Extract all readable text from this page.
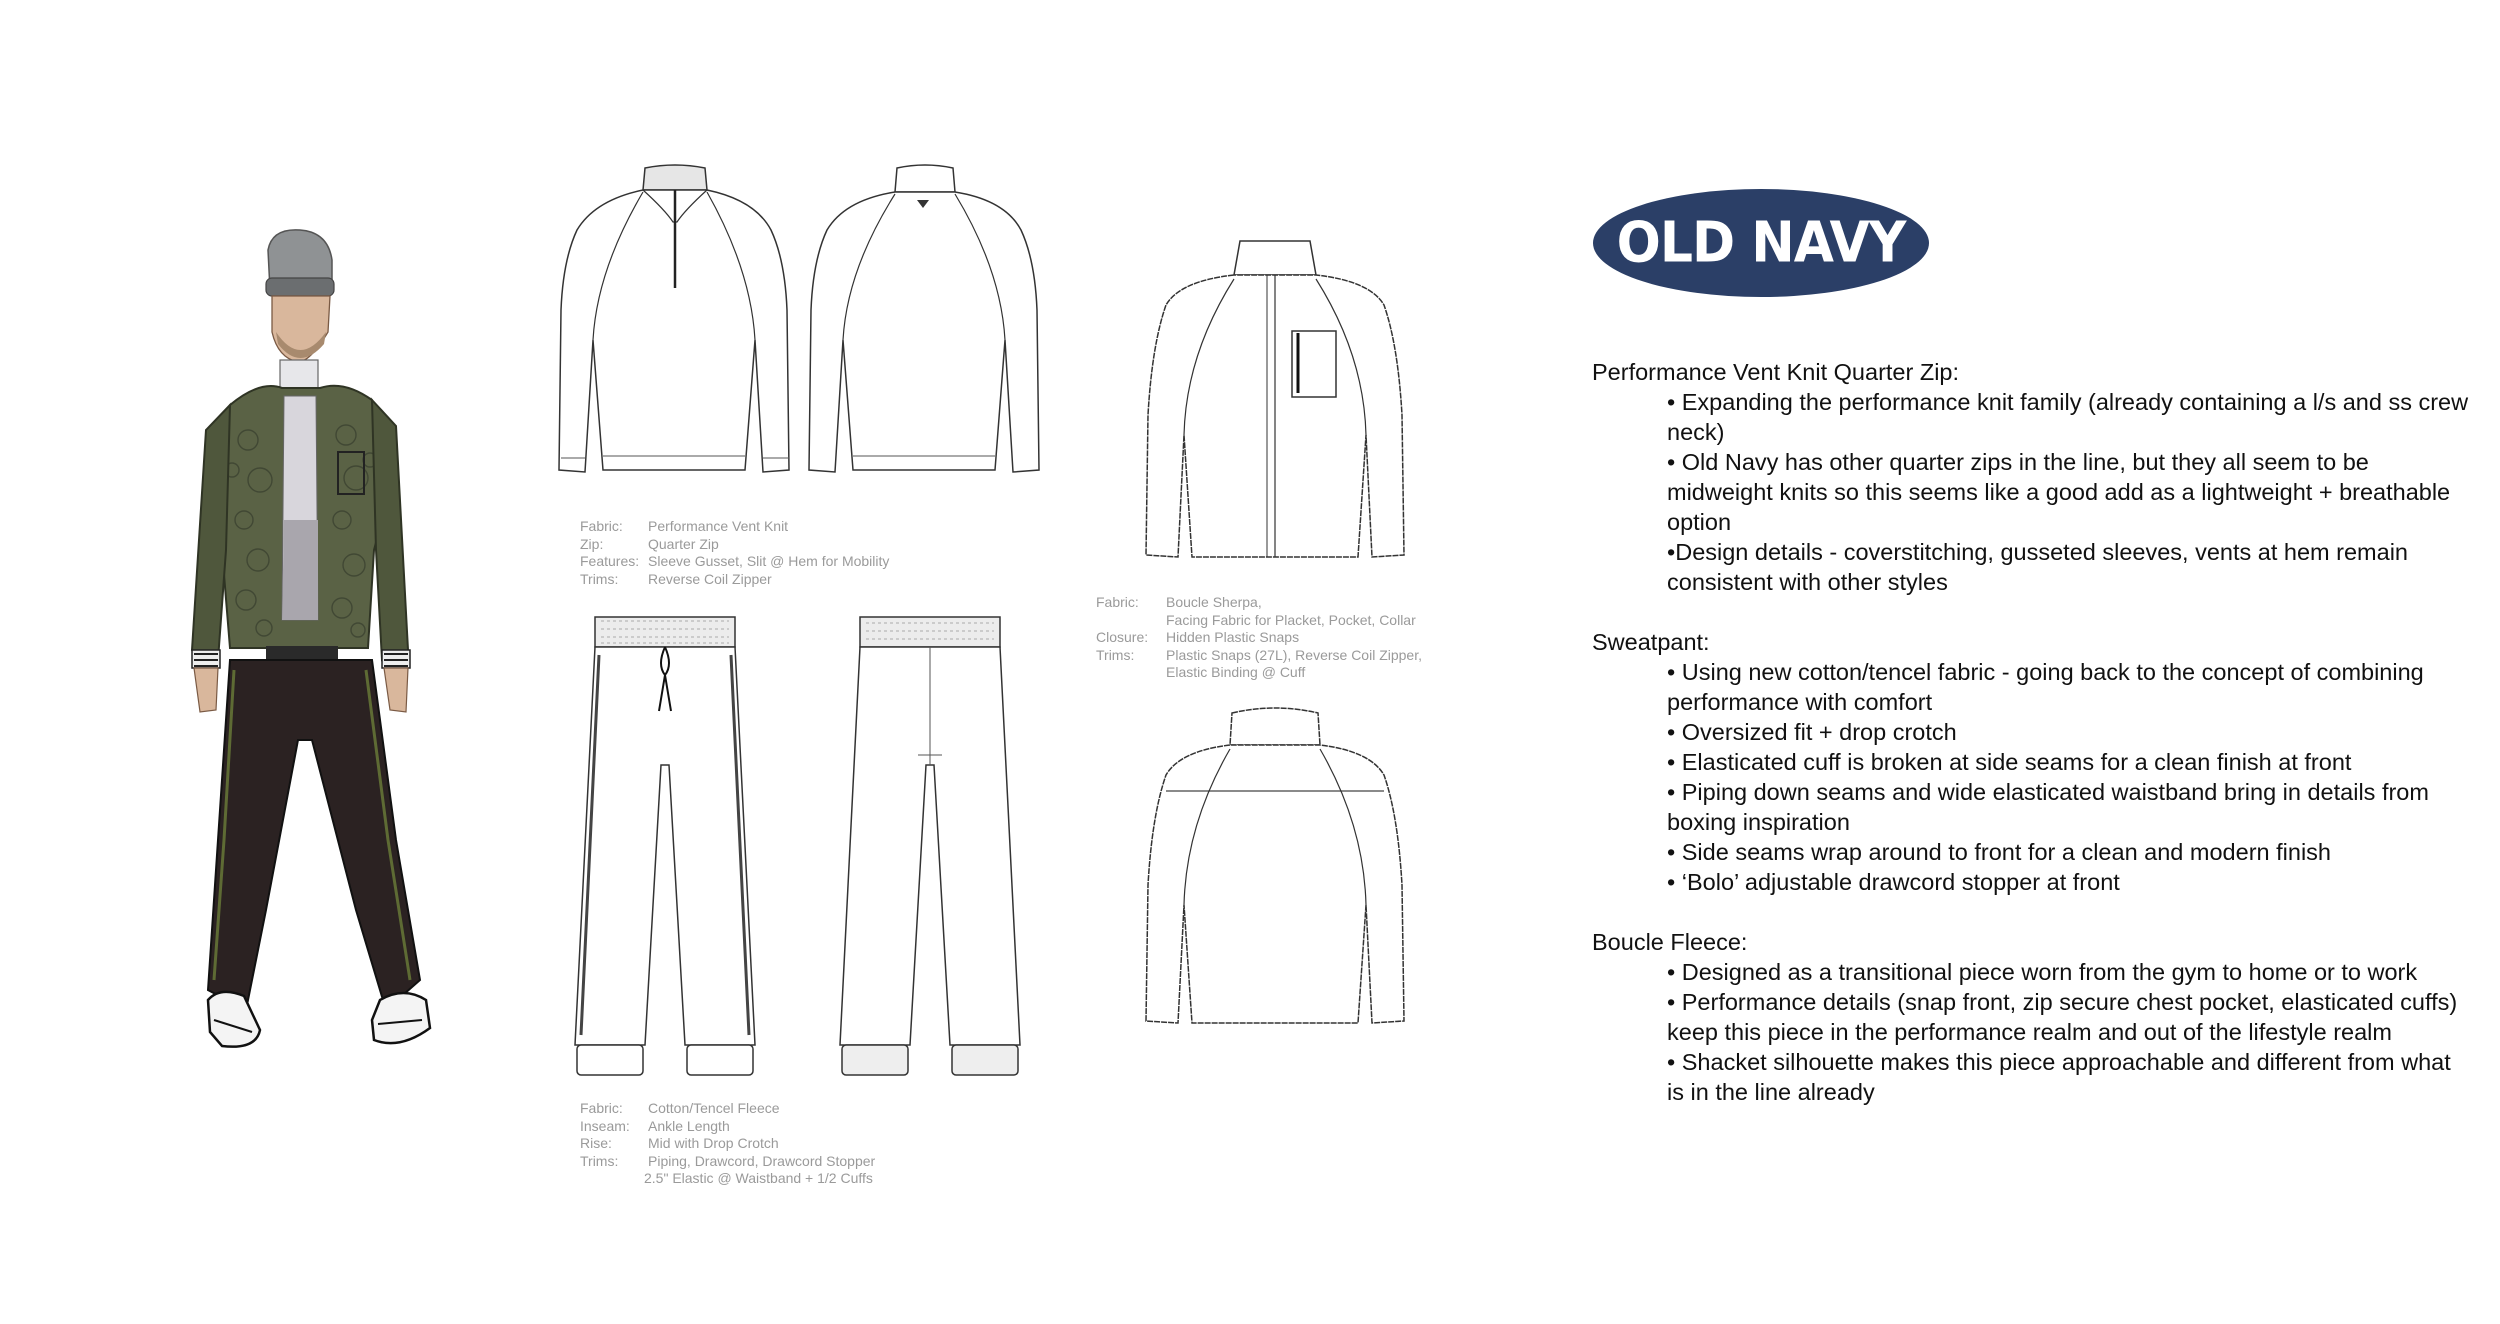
Fabric:	Performance Vent Knit
Zip:	Quarter Zip
Features: Sleeve Gusset, Slit @ Hem for Mobility
Trims:	Reverse Coil Zipper
Fabric:	Cotton/Tencel Fleece
Inseam:	Ankle Length
Rise:	Mid with Drop Crotch
Trims:	Piping, Drawcord, Drawcord Stopper
2.5" Elastic @ Waistband + 1/2 Cuffs
Fabric:	Boucle Sherpa,
Facing Fabric for Placket, Pocket, Collar
Closure:	Hidden Plastic Snaps
Trims:	Plastic Snaps (27L), Reverse Coil Zipper,
Elastic Binding @ Cuff
OLD NAVY

Performance Vent Knit Quarter Zip:

• Expanding the performance knit family (already containing a l/s and ss crew neck)

• Old Navy has other quarter zips in the line, but they all seem to be midweight knits so this seems like a good add as a lightweight + breathable option

•Design details - coverstitching, gusseted sleeves, vents at hem remain consistent with other styles

Sweatpant:

• Using new cotton/tencel fabric - going back to the concept of combining performance with comfort

• Oversized fit + drop crotch

• Elasticated cuff is broken at side seams for a clean finish at front

• Piping down seams and wide elasticated waistband bring in details from boxing inspiration

• Side seams wrap around to front for a clean and modern finish

• ‘Bolo’ adjustable drawcord stopper at front

Boucle Fleece:

• Designed as a transitional piece worn from the gym to home or to work

• Performance details (snap front, zip secure chest pocket, elasticated cuffs) keep this piece in the performance realm and out of the lifestyle realm

• Shacket silhouette makes this piece approachable and different from what is in the line already
